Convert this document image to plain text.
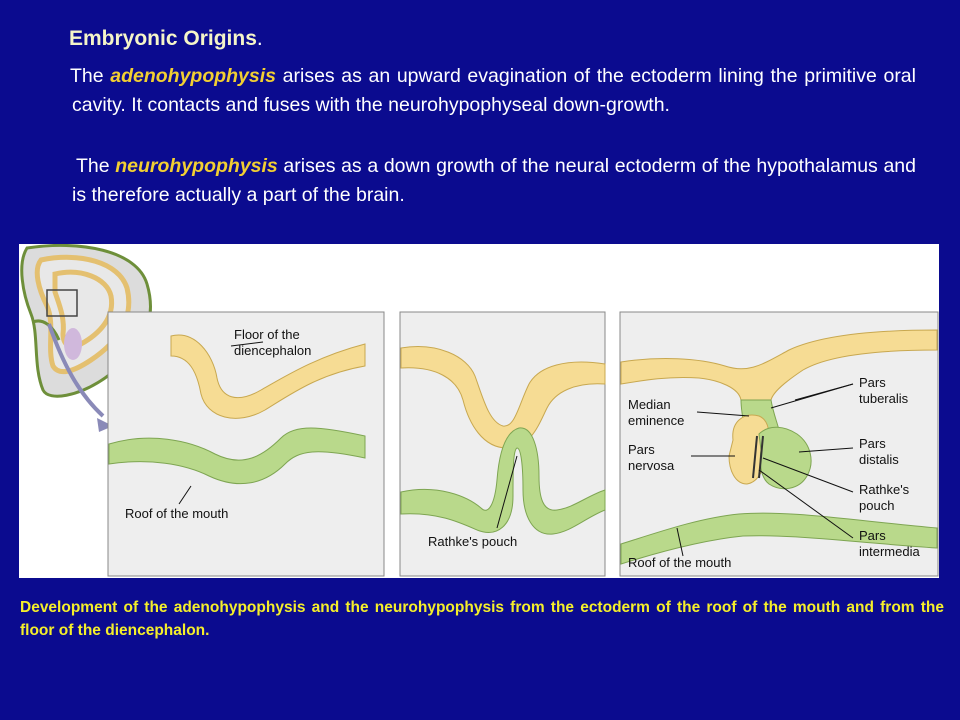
Embryonic Origins.
The adenohypophysis arises as an upward evagination of the ectoderm lining the primitive oral cavity. It contacts and fuses with the neurohypophyseal down-growth.
The neurohypophysis arises as a down growth of the neural ectoderm of the hypothalamus and is therefore actually a part of the brain.
Floor of the
diencephalon
Roof of the mouth
Rathke's pouch
Median
eminence
Pars
nervosa
Roof of the mouth
Pars
tuberalis
Pars
distalis
Rathke's
pouch
Pars
intermedia
Development of the adenohypophysis and the neurohypophysis from the ectoderm of the roof of the mouth and from the floor of the diencephalon.
